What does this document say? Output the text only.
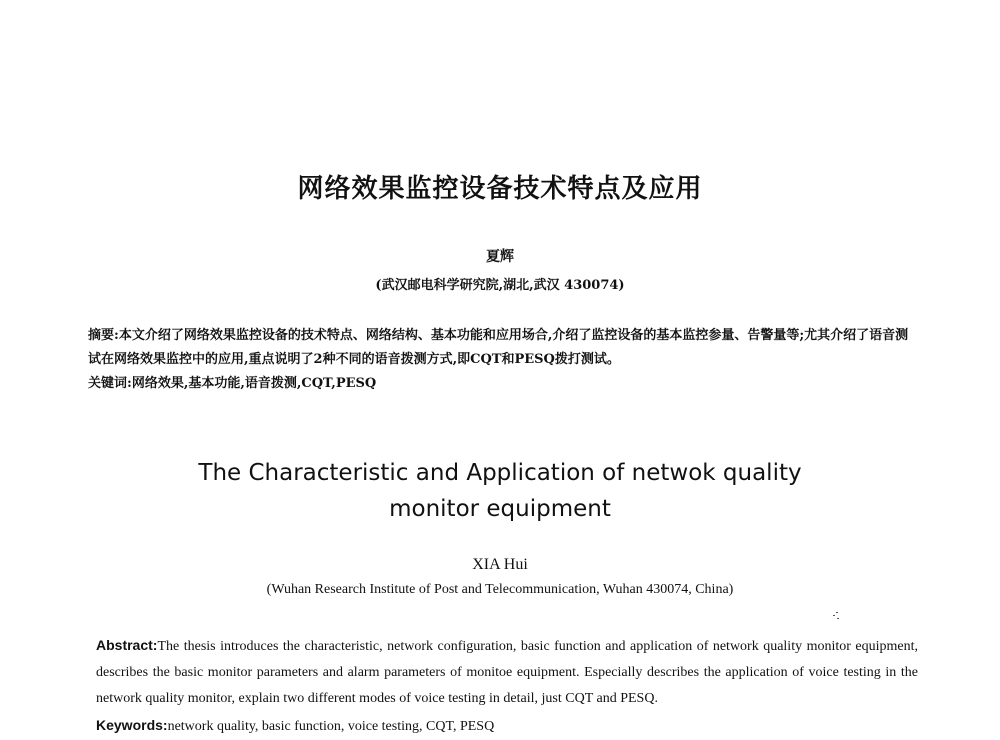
网络效果监控设备技术特点及应用
夏辉
(武汉邮电科学研究院,湖北,武汉 430074)

摘要:本文介绍了网络效果监控设备的技术特点、网络结构、基本功能和应用场合,介绍了监控设备的基本监控参量、告警量等;尤其介绍了语音测试在网络效果监控中的应用,重点说明了2种不同的语音拨测方式,即CQT和PESQ拨打测试。

关键词:网络效果,基本功能,语音拨测,CQT,PESQ

The Characteristic and Application of netwok quality
monitor equipment
XIA Hui
(Wuhan Research Institute of Post and Telecommunication, Wuhan 430074, China)

Abstract:The thesis introduces the characteristic, network configuration, basic function and application of network quality monitor equipment, describes the basic monitor parameters and alarm parameters of monitoe equipment. Especially describes the application of voice testing in the network quality monitor, explain two different modes of voice testing in detail, just CQT and PESQ.

Keywords:network quality, basic function, voice testing, CQT, PESQ
